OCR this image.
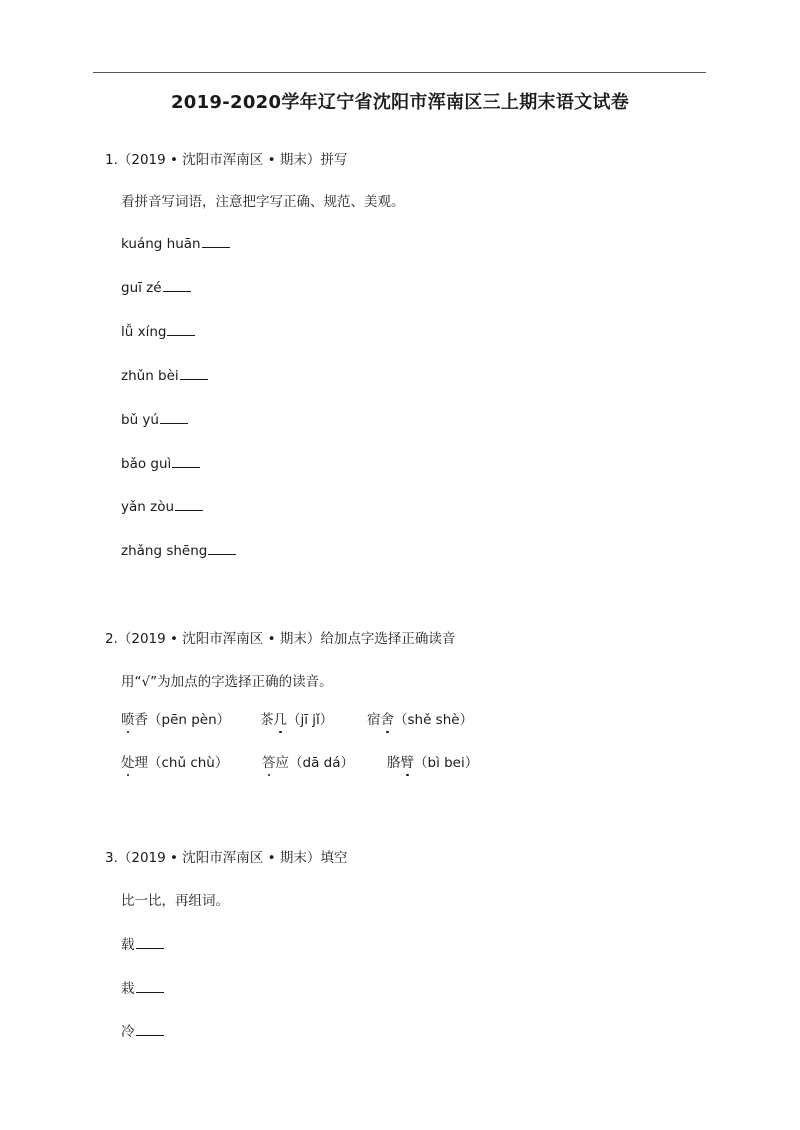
2019-2020学年辽宁省沈阳市浑南区三上期末语文试卷
1.（2019 • 沈阳市浑南区 • 期末）拼写
看拼音写词语，注意把字写正确、规范、美观。
kuáng huān
guī zé
lǚ xíng
zhǔn bèi
bǔ yú
bǎo guì
yǎn zòu
zhǎng shēng
2.（2019 • 沈阳市浑南区 • 期末）给加点字选择正确读音
用“√”为加点的字选择正确的读音。
喷香（pēn pèn） 茶几（jī jǐ） 宿舍（shě shè）
处理（chǔ chù） 答应（dā dá） 胳臂（bì bei）
3.（2019 • 沈阳市浑南区 • 期末）填空
比一比，再组词。
载
栽
冷
